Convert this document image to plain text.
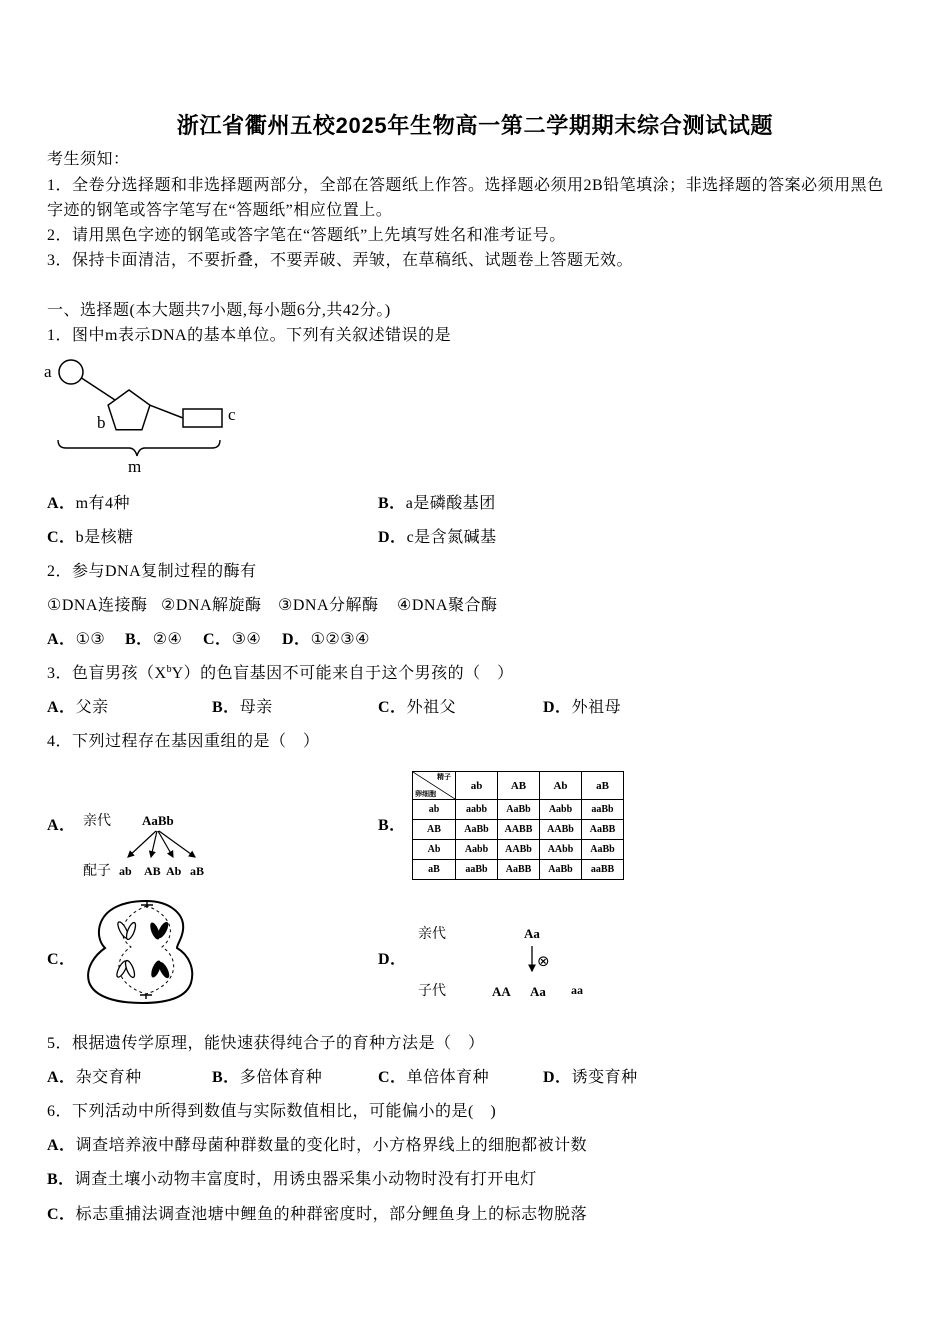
浙江省衢州五校2025年生物高一第二学期期末综合测试试题
考生须知：
1．全卷分选择题和非选择题两部分，全部在答题纸上作答。选择题必须用2B铅笔填涂；非选择题的答案必须用黑色
字迹的钢笔或答字笔写在“答题纸”相应位置上。
2．请用黑色字迹的钢笔或答字笔在“答题纸”上先填写姓名和准考证号。
3．保持卡面清洁，不要折叠，不要弄破、弄皱，在草稿纸、试题卷上答题无效。
一、选择题(本大题共7小题,每小题6分,共42分。)
1．图中m表示DNA的基本单位。下列有关叙述错误的是
a
b	c
m
A．m有4种	B．a是磷酸基团
C．b是核糖	D．c是含氮碱基
2．参与DNA复制过程的酶有
①DNA连接酶 ②DNA解旋酶 ③DNA分解酶 ④DNA聚合酶
A．①③ B．②④ C．③④ D．①②③④
3．色盲男孩$(X^bY)$的色盲基因不可能来自于这个男孩的（　）
A．父亲	B．母亲	C．外祖父	D．外祖母
4．下列过程存在基因重组的是（　）
A． 亲代 AaBb
配子 ab AB Ab aB
B．
精子
卵细胞	ab	AB	Ab	aB
ab	aabb	AaBb	Aabb	aaBb
AB	AaBb	AABB	AABb	AaBB
Ab	Aabb	AABb	AAbb	AaBb
aB	aaBb	AaBB	AaBb	aaBB
C．	D．
亲代	Aa
⊗
子代	AA Aa aa
5．根据遗传学原理，能快速获得纯合子的育种方法是（　）
A．杂交育种	B．多倍体育种	C．单倍体育种	D．诱变育种
6．下列活动中所得到数值与实际数值相比，可能偏小的是(　)
A．调查培养液中酵母菌种群数量的变化时，小方格界线上的细胞都被计数
B．调查土壤小动物丰富度时，用诱虫器采集小动物时没有打开电灯
C．标志重捕法调查池塘中鲤鱼的种群密度时，部分鲤鱼身上的标志物脱落
